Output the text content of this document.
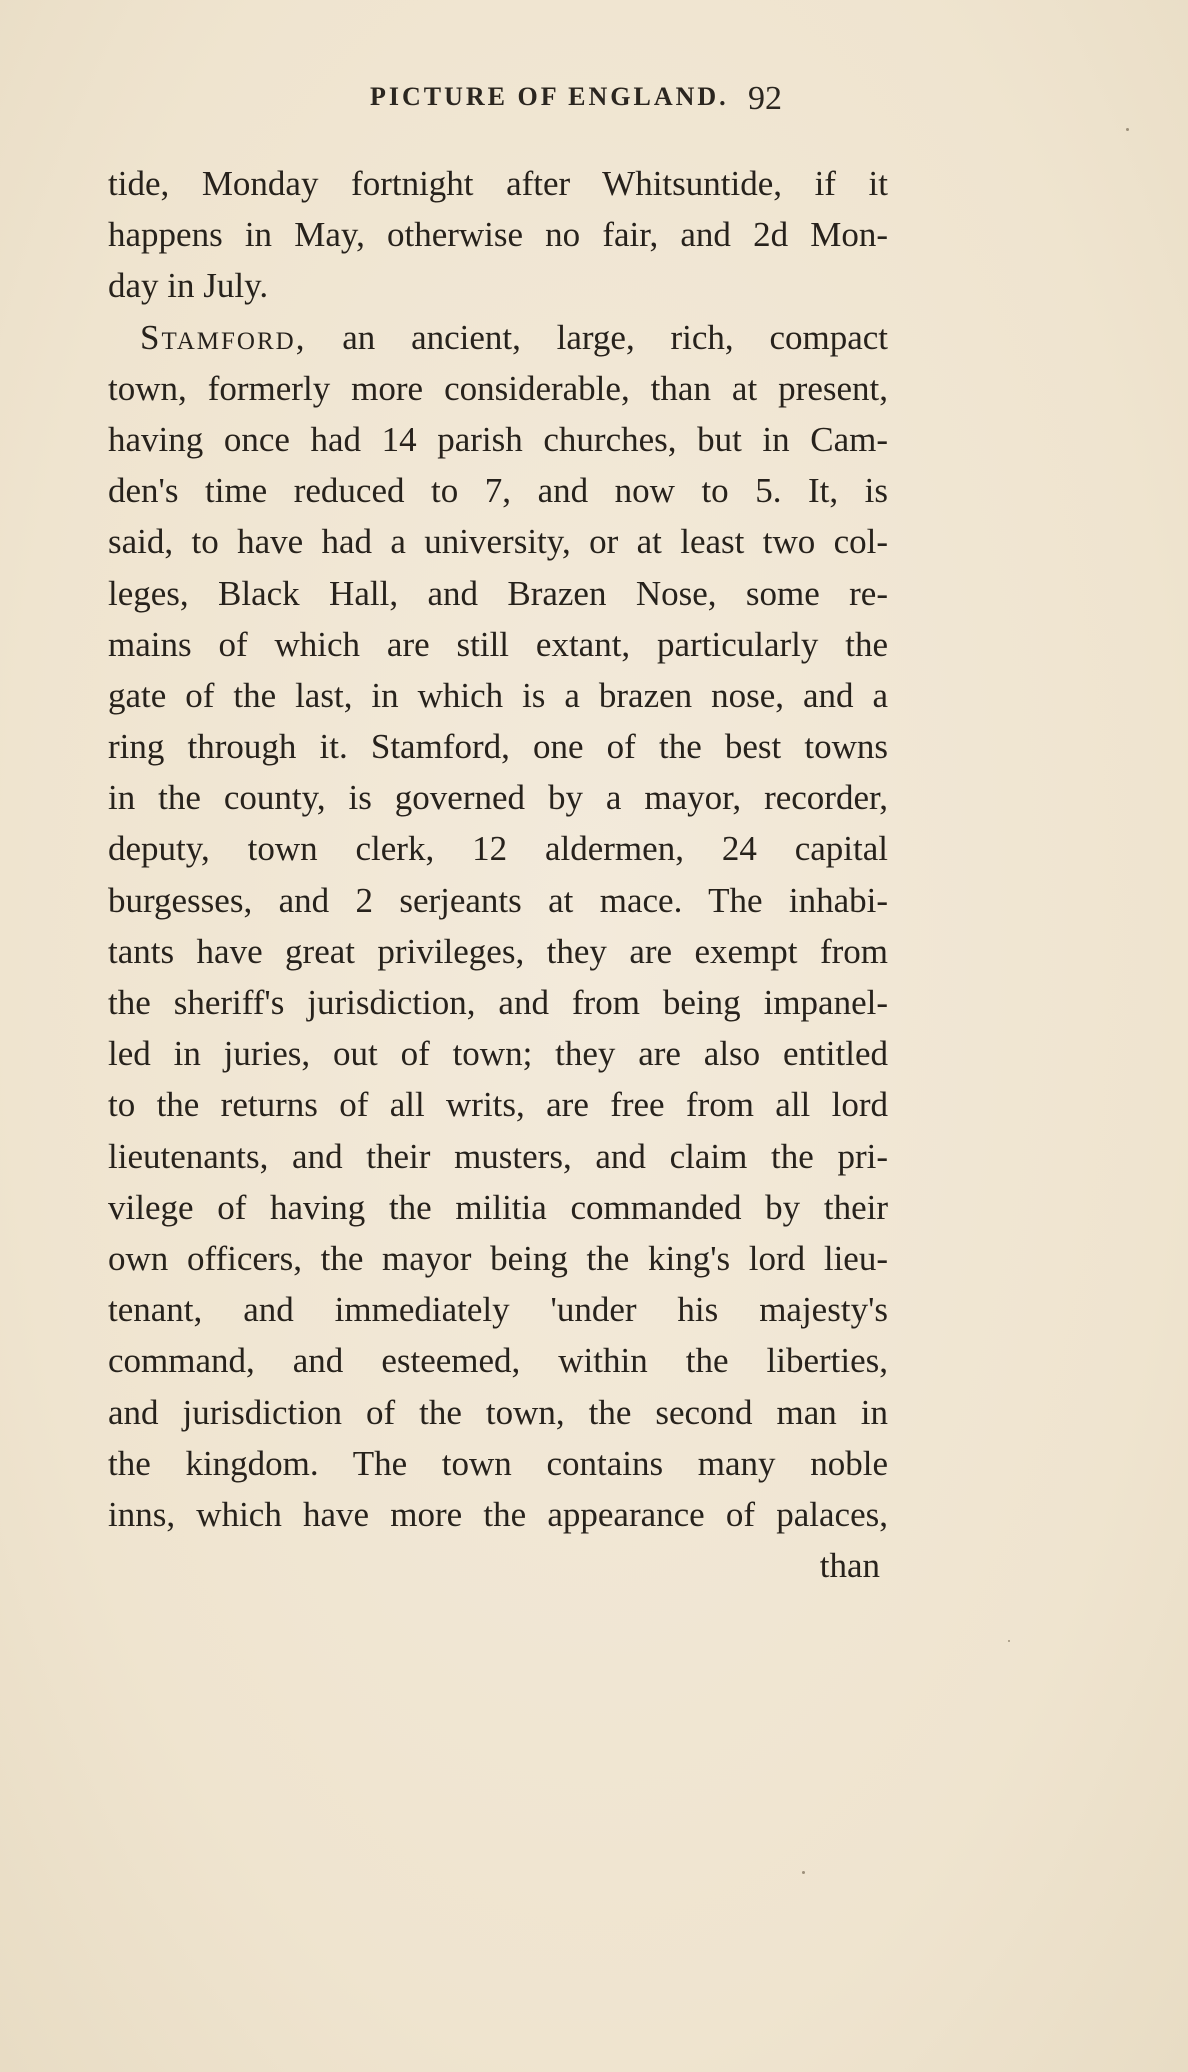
PICTURE OF ENGLAND. 92
tide, Monday fortnight after Whitsuntide, if it
happens in May, otherwise no fair, and 2d Mon-
day in July.
Stamford, an ancient, large, rich, compact
town, formerly more considerable, than at present,
having once had 14 parish churches, but in Cam-
den's time reduced to 7, and now to 5. It, is
said, to have had a university, or at least two col-
leges, Black Hall, and Brazen Nose, some re-
mains of which are still extant, particularly the
gate of the last, in which is a brazen nose, and a
ring through it. Stamford, one of the best towns
in the county, is governed by a mayor, recorder,
deputy, town clerk, 12 aldermen, 24 capital
burgesses, and 2 serjeants at mace. The inhabi-
tants have great privileges, they are exempt from
the sheriff's jurisdiction, and from being impanel-
led in juries, out of town; they are also entitled
to the returns of all writs, are free from all lord
lieutenants, and their musters, and claim the pri-
vilege of having the militia commanded by their
own officers, the mayor being the king's lord lieu-
tenant, and immediately 'under his majesty's
command, and esteemed, within the liberties,
and jurisdiction of the town, the second man in
the kingdom. The town contains many noble
inns, which have more the appearance of palaces,
than
